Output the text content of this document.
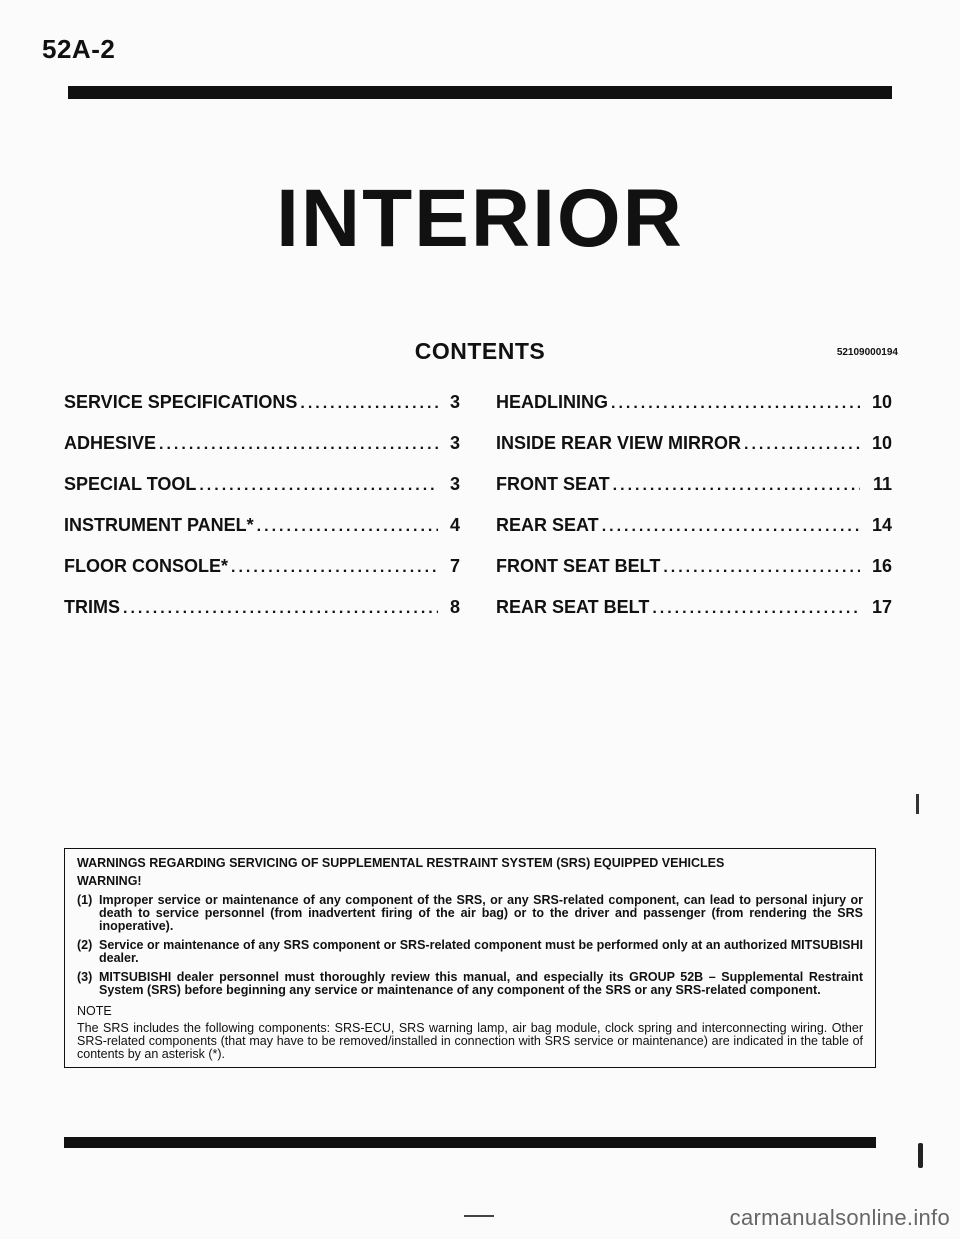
52A-2
INTERIOR
CONTENTS	52109000194
SERVICE SPECIFICATIONS .....	3
ADHESIVE .....	3
SPECIAL TOOL .....	3
INSTRUMENT PANEL* .....	4
FLOOR CONSOLE* .....	7
TRIMS .....	8
HEADLINING .....	10
INSIDE REAR VIEW MIRROR .....	10
FRONT SEAT .....	11
REAR SEAT .....	14
FRONT SEAT BELT .....	16
REAR SEAT BELT .....	17
WARNINGS REGARDING SERVICING OF SUPPLEMENTAL RESTRAINT SYSTEM (SRS) EQUIPPED VEHICLES
WARNING!
(1) Improper service or maintenance of any component of the SRS, or any SRS-related component, can lead to personal injury or death to service personnel (from inadvertent firing of the air bag) or to the driver and passenger (from rendering the SRS inoperative).
(2) Service or maintenance of any SRS component or SRS-related component must be performed only at an authorized MITSUBISHI dealer.
(3) MITSUBISHI dealer personnel must thoroughly review this manual, and especially its GROUP 52B – Supplemental Restraint System (SRS) before beginning any service or maintenance of any component of the SRS or any SRS-related component.
NOTE
The SRS includes the following components: SRS-ECU, SRS warning lamp, air bag module, clock spring and interconnecting wiring. Other SRS-related components (that may have to be removed/installed in connection with SRS service or maintenance) are indicated in the table of contents by an asterisk (*).
carmanualsonline.info
